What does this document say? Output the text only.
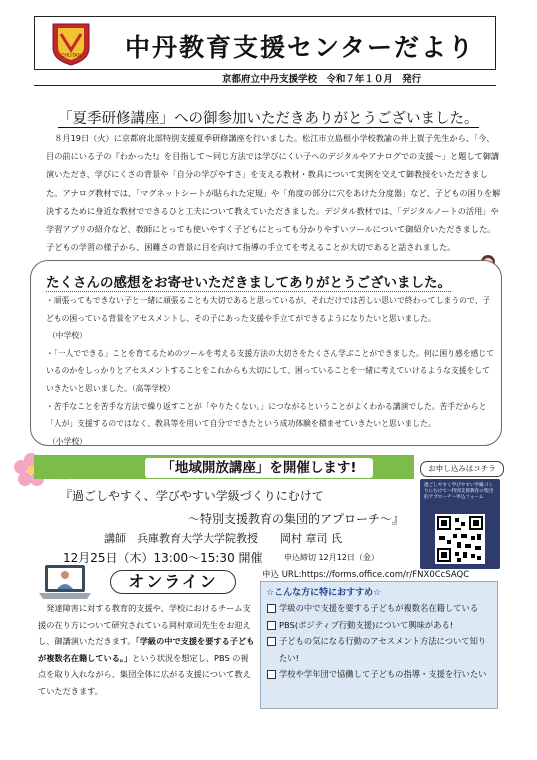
CHUTAN 中丹教育支援センターだより
京都府立中丹支援学校 令和７年１０月 発行
「夏季研修講座」への御参加いただきありがとうございました。

８月19日（火）に京都府北部特別支援夏季研修講座を行いました。松江市立島根小学校教諭の井上賀子先生から、「今、目の前にいる子の『わかった!』を目指して～同じ方法では学びにくい子へのデジタルやアナログでの支援～」と題して御講演いただき、学びにくさの背景や「自分の学びやすさ」を支える教材・教具について実例を交えて御教授をいただきました。アナログ教材では、「マグネットシートが貼られた定規」や「角度の部分に穴をあけた分度器」など、子どもの困りを解決するために身近な教材でできるひと工夫について教えていただきました。デジタル教材では、「デジタルノートの活用」や学習アプリの紹介など、教師にとっても使いやすく子どもにとっても分かりやすいツールについて御紹介いただきました。子どもの学習の様子から、困難さの背景に目を向けて指導の手立てを考えることが大切であると話されました。

たくさんの感想をお寄せいただきましてありがとうございました。

・頑張ってもできない子と一緒に頑張ることも大切であると思っているが、それだけでは苦しい思いで終わってしまうので、子どもの困っている背景をアセスメントし、その子にあった支援や手立てができるようになりたいと思いました。

（中学校）

・「一人でできる」ことを育てるためのツールを考える支援方法の大切さをたくさん学ぶことができました。何に困り感を感じているのかをしっかりとアセスメントすることをこれからも大切にして、困っていることを一緒に考えていけるような支援をしていきたいと思いました。（高等学校）

・苦手なことを苦手な方法で繰り返すことが「やりたくない。」につながるということがよくわかる講演でした。苦手だからと「人が」支援するのではなく、教具等を用いて自分でできたという成功体験を積ませていきたいと思いました。

（小学校）

「地域開放講座」を開催します!	お申し込みはコチラ
過ごしやすく学びやすい学級づくりにむけて～特別支援教育の集団的アプローチ～申込フォーム
『過ごしやすく、学びやすい学級づくりにむけて
～特別支援教育の集団的アプローチ～』
講師　兵庫教育大学大学院教授　　岡村 章司 氏
12月25日（木）13:00～15:30 開催	申込締切 12月12日（金）
申込 URL:https://forms.office.com/r/FNX0CcSAQC
オンライン

発達障害に対する教育的支援や、学校におけるチーム支援の在り方について研究されている岡村章司先生をお迎えし、御講演いただきます。「学級の中で支援を要する子どもが複数名在籍している。」という状況を想定し、PBS の視点を取り入れながら、集団全体に広がる支援について教えていただきます。

☆こんな方に特におすすめ☆

学級の中で支援を要する子どもが複数名在籍している

PBS(ポジティブ行動支援)について興味がある!

子どもの気になる行動のアセスメント方法について知りたい!

学校や学年団で協働して子どもの指導・支援を行いたい
